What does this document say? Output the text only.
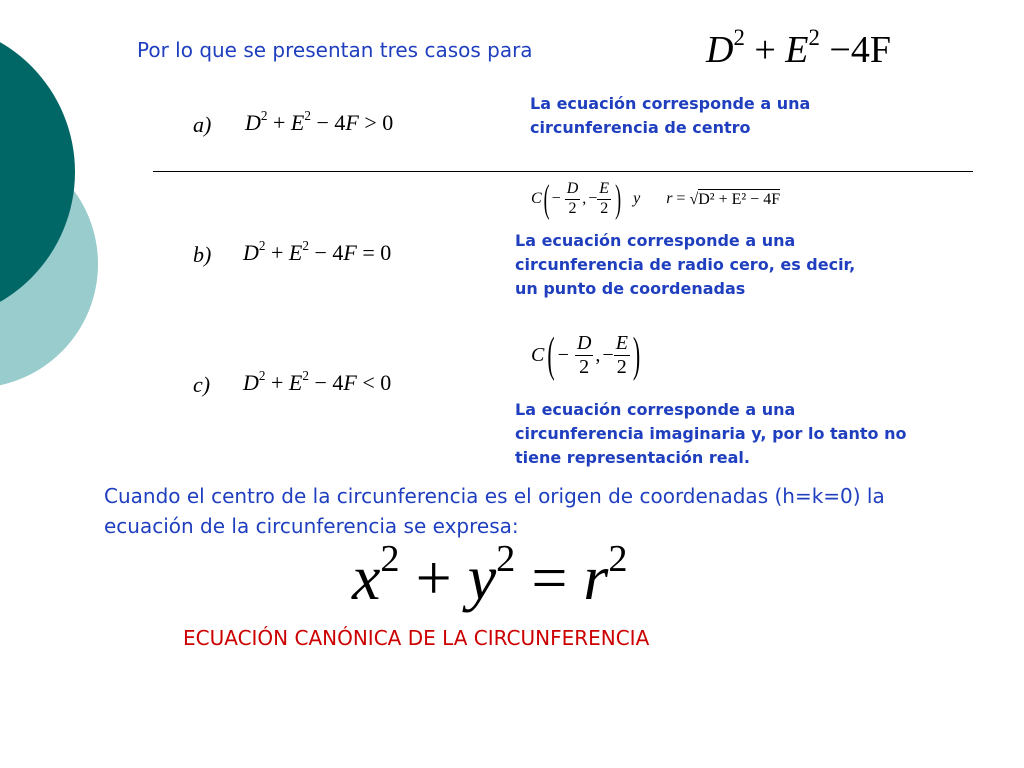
Por lo que se presentan tres casos para	$D^2 + E^2 -4F$
a) $D^2 + E^2 - 4F > 0$
La ecuación corresponde a una circunferencia de centro
C ( − $\frac{D}{2}$ , − $\frac{E}{2}$ ) y r
=
√D² + E² − 4F
b) $D^2 + E^2 - 4F = 0$	La ecuación corresponde a una circunferencia de radio cero, es decir, un punto de coordenadas
C ( − $\frac{D}{2}$ , − $\frac{E}{2}$ )
c) $D^2 + E^2 - 4F < 0$
La ecuación corresponde a una circunferencia imaginaria y, por lo tanto no tiene representación real.
Cuando el centro de la circunferencia es el origen de coordenadas (h=k=0) la ecuación de la circunferencia se expresa:
$x^2 + y^2 = r^2$
ECUACIÓN CANÓNICA DE LA CIRCUNFERENCIA
